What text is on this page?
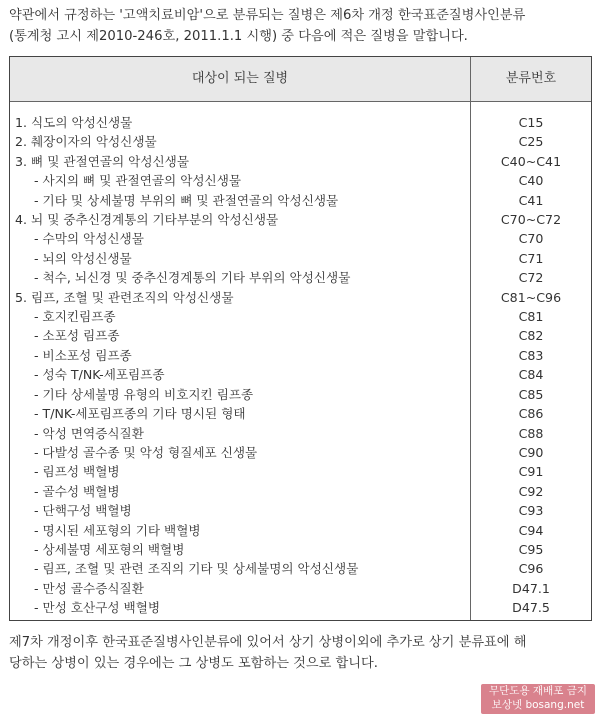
약관에서 규정하는 '고액치료비암'으로 분류되는 질병은 제6차 개정 한국표준질병사인분류
(통계청 고시 제2010-246호, 2011.1.1 시행) 중 다음에 적은 질병을 말합니다.
대상이 되는 질병	분류번호
1. 식도의 악성신생물	C15
2. 췌장이자의 악성신생물	C25
3. 뼈 및 관절연골의 악성신생물	C40~C41
- 사지의 뼈 및 관절연골의 악성신생물	C40
- 기타 및 상세불명 부위의 뼈 및 관절연골의 악성신생물	C41
4. 뇌 및 중추신경계통의 기타부분의 악성신생물	C70~C72
- 수막의 악성신생물	C70
- 뇌의 악성신생물	C71
- 척수, 뇌신경 및 중추신경계통의 기타 부위의 악성신생물	C72
5. 림프, 조혈 및 관련조직의 악성신생물	C81~C96
- 호지킨림프종	C81
- 소포성 림프종	C82
- 비소포성 림프종	C83
- 성숙 T/NK-세포림프종	C84
- 기타 상세불명 유형의 비호지킨 림프종	C85
- T/NK-세포림프종의 기타 명시된 형태	C86
- 악성 면역증식질환	C88
- 다발성 골수종 및 악성 형질세포 신생물	C90
- 림프성 백혈병	C91
- 골수성 백혈병	C92
- 단핵구성 백혈병	C93
- 명시된 세포형의 기타 백혈병	C94
- 상세불명 세포형의 백혈병	C95
- 림프, 조혈 및 관련 조직의 기타 및 상세불명의 악성신생물	C96
- 만성 골수증식질환	D47.1
- 만성 호산구성 백혈병	D47.5
제7차 개정이후 한국표준질병사인분류에 있어서 상기 상병이외에 추가로 상기 분류표에 해
당하는 상병이 있는 경우에는 그 상병도 포함하는 것으로 합니다.
무단도용 재배포 금지
보상넷 bosang.net
